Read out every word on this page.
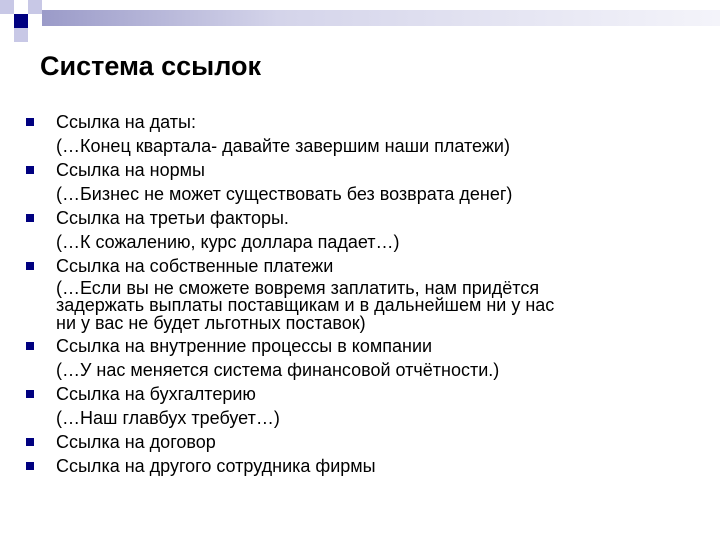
Система ссылок
Ссылка на даты:
(…Конец квартала- давайте завершим наши платежи)
Ссылка на нормы
(…Бизнес не может существовать без возврата денег)
Ссылка на третьи факторы.
(…К сожалению, курс доллара падает…)
Ссылка на собственные платежи
(…Если вы не сможете вовремя заплатить, нам придётся
задержать выплаты поставщикам и в дальнейшем ни у нас
ни у вас не будет льготных поставок)
Ссылка на внутренние процессы в компании
(…У нас меняется система финансовой отчётности.)
Ссылка на бухгалтерию
(…Наш главбух требует…)
Ссылка на договор
Ссылка на другого сотрудника фирмы
